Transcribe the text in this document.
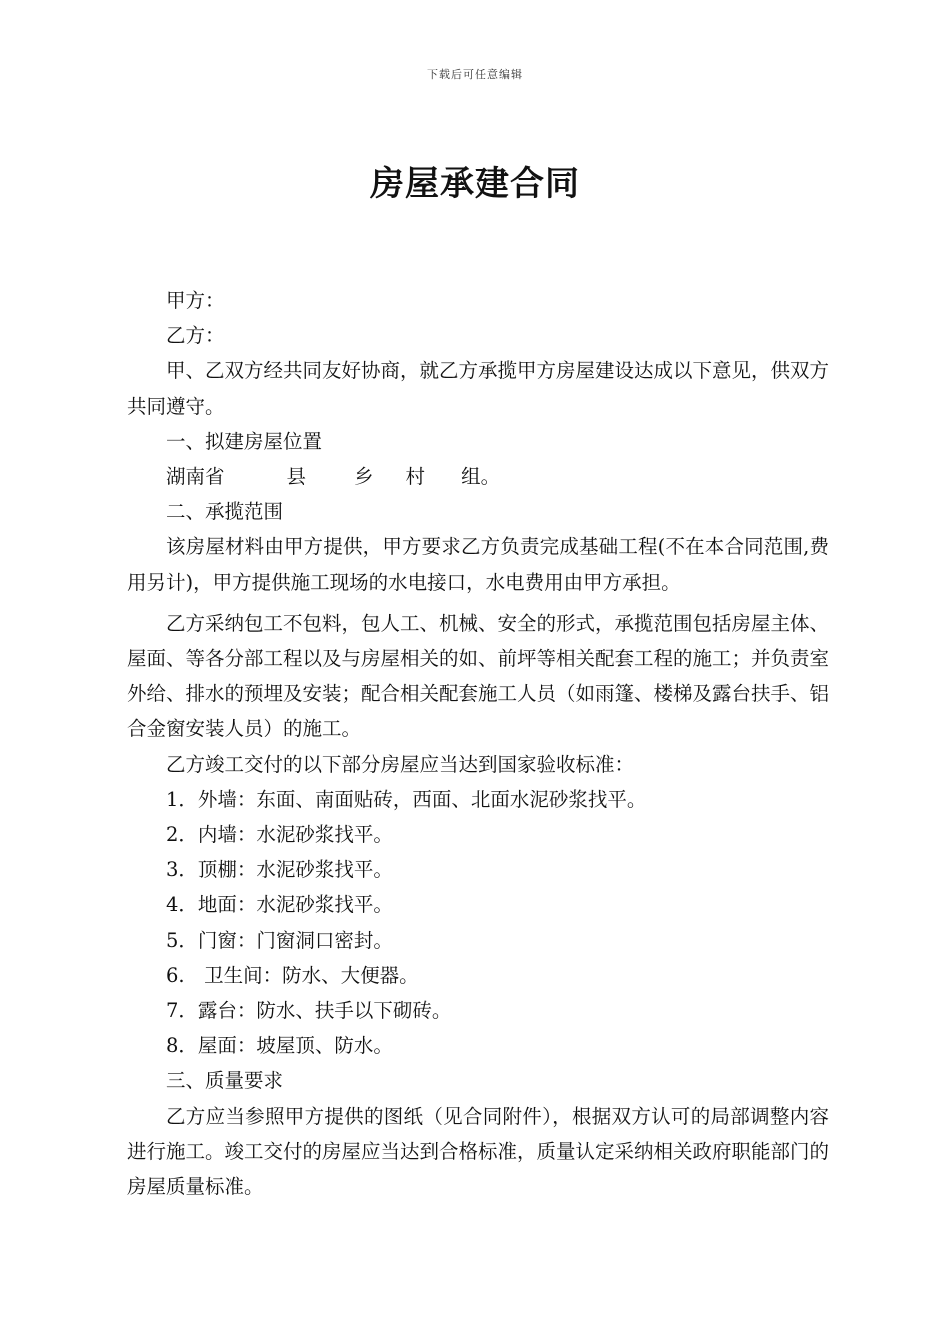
下载后可任意编辑
房屋承建合同

甲方：

乙方：

甲、乙双方经共同友好协商，就乙方承揽甲方房屋建设达成以下意见，供双方共同遵守。

一、拟建房屋位置

湖南省	县 乡 村 组。

二、承揽范围

该房屋材料由甲方提供，甲方要求乙方负责完成基础工程(不在本合同范围,费用另计)，甲方提供施工现场的水电接口，水电费用由甲方承担。

乙方采纳包工不包料，包人工、机械、安全的形式，承揽范围包括房屋主体、屋面、等各分部工程以及与房屋相关的如、前坪等相关配套工程的施工；并负责室外给、排水的预埋及安装；配合相关配套施工人员（如雨篷、楼梯及露台扶手、铝合金窗安装人员）的施工。

乙方竣工交付的以下部分房屋应当达到国家验收标准：

1．外墙：东面、南面贴砖，西面、北面水泥砂浆找平。

2．内墙：水泥砂浆找平。

3．顶棚：水泥砂浆找平。

4．地面：水泥砂浆找平。

5．门窗：门窗洞口密封。

6.　卫生间：防水、大便器。

7．露台：防水、扶手以下砌砖。

8．屋面：坡屋顶、防水。

三、质量要求

乙方应当参照甲方提供的图纸（见合同附件），根据双方认可的局部调整内容进行施工。竣工交付的房屋应当达到合格标准，质量认定采纳相关政府职能部门的房屋质量标准。
